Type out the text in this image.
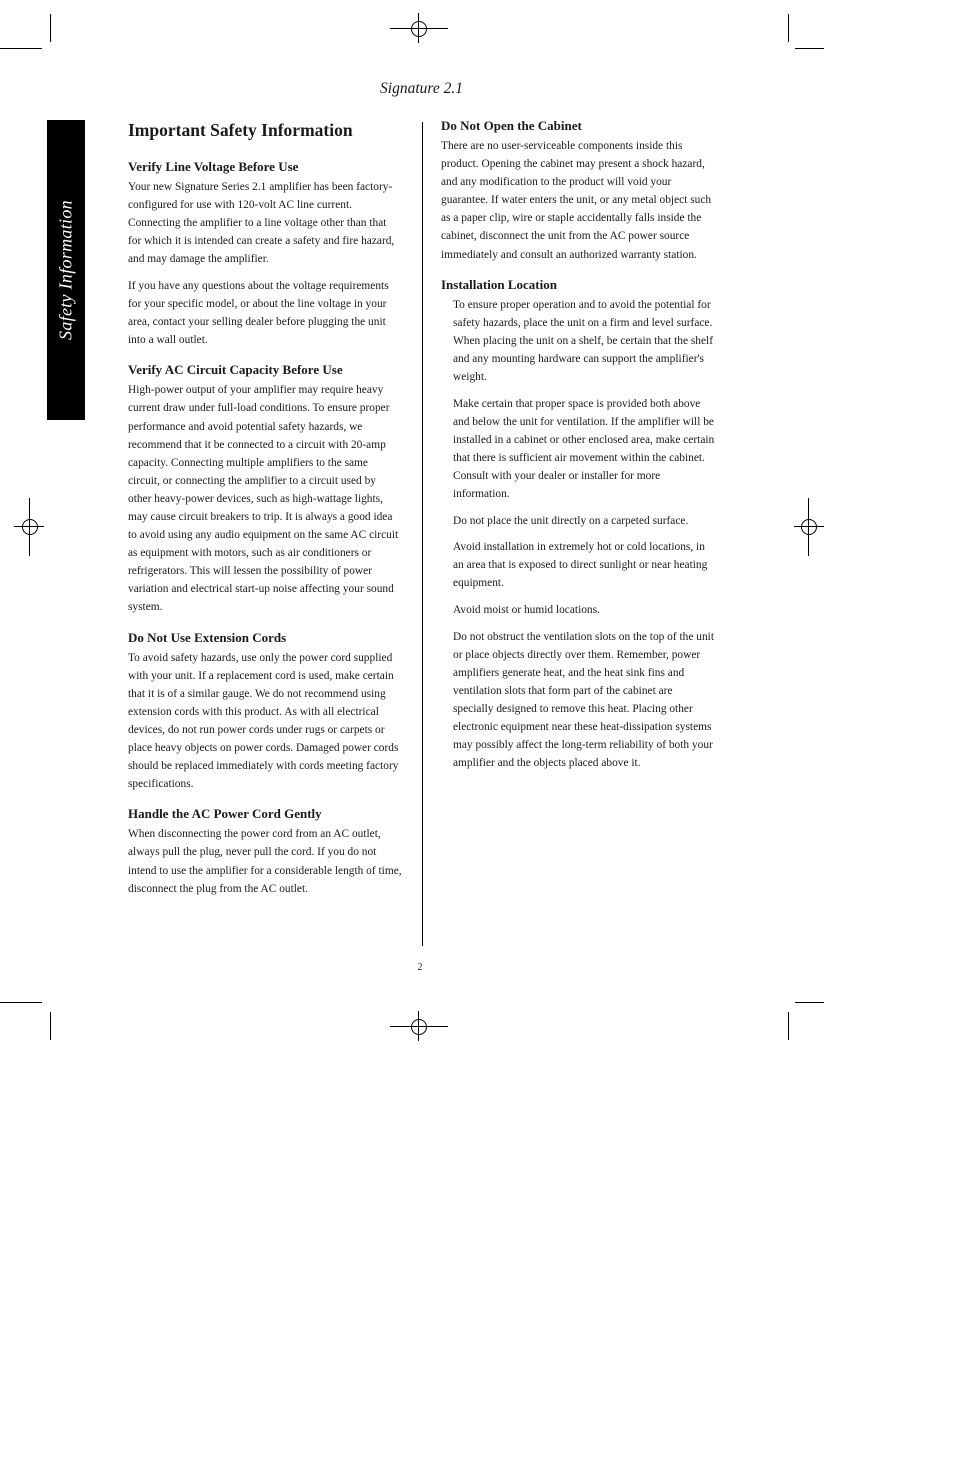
Signature 2.1
Safety Information
Important Safety Information
Verify Line Voltage Before Use

Your new Signature Series 2.1 amplifier has been factory-configured for use with 120-volt AC line current. Connecting the amplifier to a line voltage other than that for which it is intended can create a safety and fire hazard, and may damage the amplifier.

If you have any questions about the voltage requirements for your specific model, or about the line voltage in your area, contact your selling dealer before plugging the unit into a wall outlet.

Verify AC Circuit Capacity Before Use

High-power output of your amplifier may require heavy current draw under full-load conditions. To ensure proper performance and avoid potential safety hazards, we recommend that it be connected to a circuit with 20-amp capacity. Connecting multiple amplifiers to the same circuit, or connecting the amplifier to a circuit used by other heavy-power devices, such as high-wattage lights, may cause circuit breakers to trip. It is always a good idea to avoid using any audio equipment on the same AC circuit as equipment with motors, such as air conditioners or refrigerators. This will lessen the possibility of power variation and electrical start-up noise affecting your sound system.

Do Not Use Extension Cords

To avoid safety hazards, use only the power cord supplied with your unit. If a replacement cord is used, make certain that it is of a similar gauge. We do not recommend using extension cords with this product. As with all electrical devices, do not run power cords under rugs or carpets or place heavy objects on power cords. Damaged power cords should be replaced immediately with cords meeting factory specifications.

Handle the AC Power Cord Gently

When disconnecting the power cord from an AC outlet, always pull the plug, never pull the cord. If you do not intend to use the amplifier for a considerable length of time, disconnect the plug from the AC outlet.

Do Not Open the Cabinet

There are no user-serviceable components inside this product. Opening the cabinet may present a shock hazard, and any modification to the product will void your guarantee. If water enters the unit, or any metal object such as a paper clip, wire or staple accidentally falls inside the cabinet, disconnect the unit from the AC power source immediately and consult an authorized warranty station.

Installation Location

To ensure proper operation and to avoid the potential for safety hazards, place the unit on a firm and level surface. When placing the unit on a shelf, be certain that the shelf and any mounting hardware can support the amplifier's weight.

Make certain that proper space is provided both above and below the unit for ventilation. If the amplifier will be installed in a cabinet or other enclosed area, make certain that there is sufficient air movement within the cabinet. Consult with your dealer or installer for more information.

Do not place the unit directly on a carpeted surface.

Avoid installation in extremely hot or cold locations, in an area that is exposed to direct sunlight or near heating equipment.

Avoid moist or humid locations.

Do not obstruct the ventilation slots on the top of the unit or place objects directly over them. Remember, power amplifiers generate heat, and the heat sink fins and ventilation slots that form part of the cabinet are specially designed to remove this heat. Placing other electronic equipment near these heat-dissipation systems may possibly affect the long-term reliability of both your amplifier and the objects placed above it.

2
